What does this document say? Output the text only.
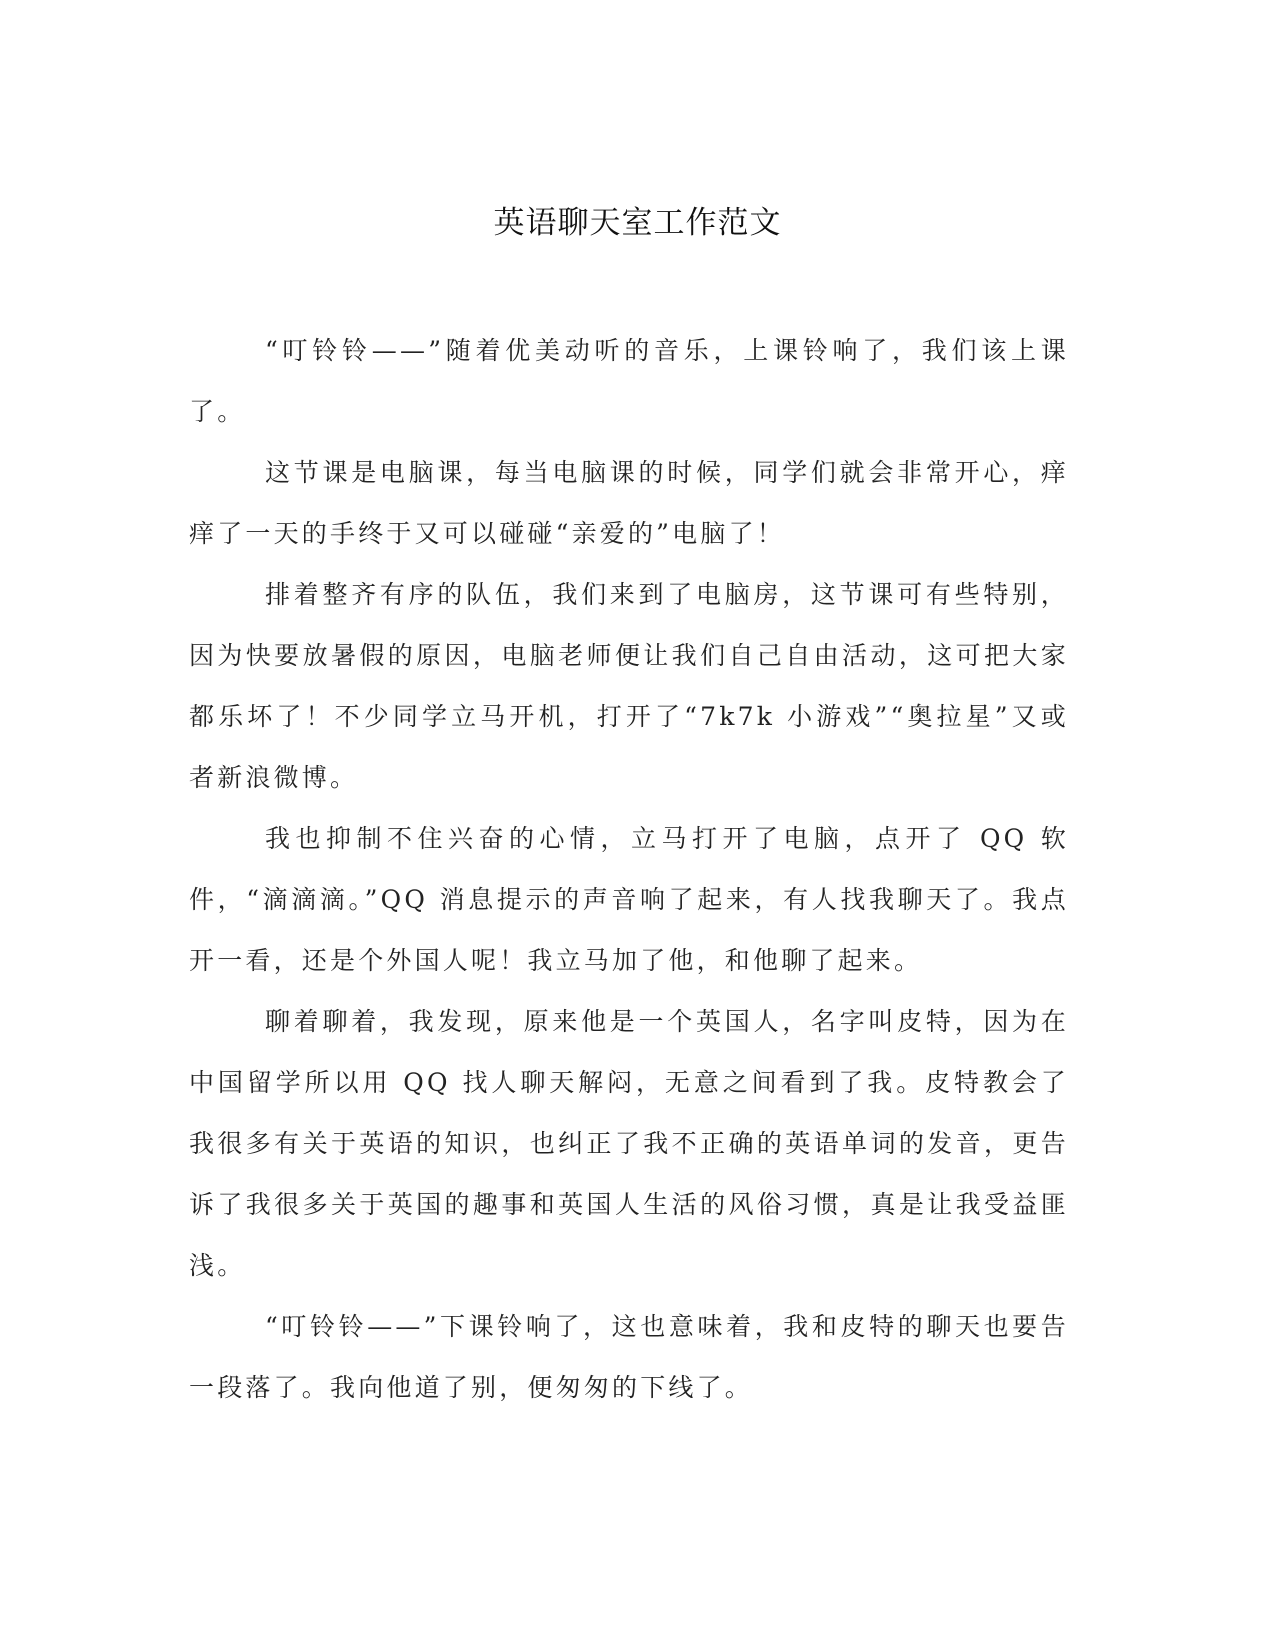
英语聊天室工作范文

“叮铃铃——”随着优美动听的音乐，上课铃响了，我们该上课了。

这节课是电脑课，每当电脑课的时候，同学们就会非常开心，痒痒了一天的手终于又可以碰碰“亲爱的”电脑了！

排着整齐有序的队伍，我们来到了电脑房，这节课可有些特别，因为快要放暑假的原因，电脑老师便让我们自己自由活动，这可把大家都乐坏了！不少同学立马开机，打开了“7k7k 小游戏”“奥拉星”又或者新浪微博。

我也抑制不住兴奋的心情，立马打开了电脑，点开了 QQ 软件，“滴滴滴。”QQ 消息提示的声音响了起来，有人找我聊天了。我点开一看，还是个外国人呢！我立马加了他，和他聊了起来。

聊着聊着，我发现，原来他是一个英国人，名字叫皮特，因为在中国留学所以用 QQ 找人聊天解闷，无意之间看到了我。皮特教会了我很多有关于英语的知识，也纠正了我不正确的英语单词的发音，更告诉了我很多关于英国的趣事和英国人生活的风俗习惯，真是让我受益匪浅。

“叮铃铃——”下课铃响了，这也意味着，我和皮特的聊天也要告一段落了。我向他道了别，便匆匆的下线了。
